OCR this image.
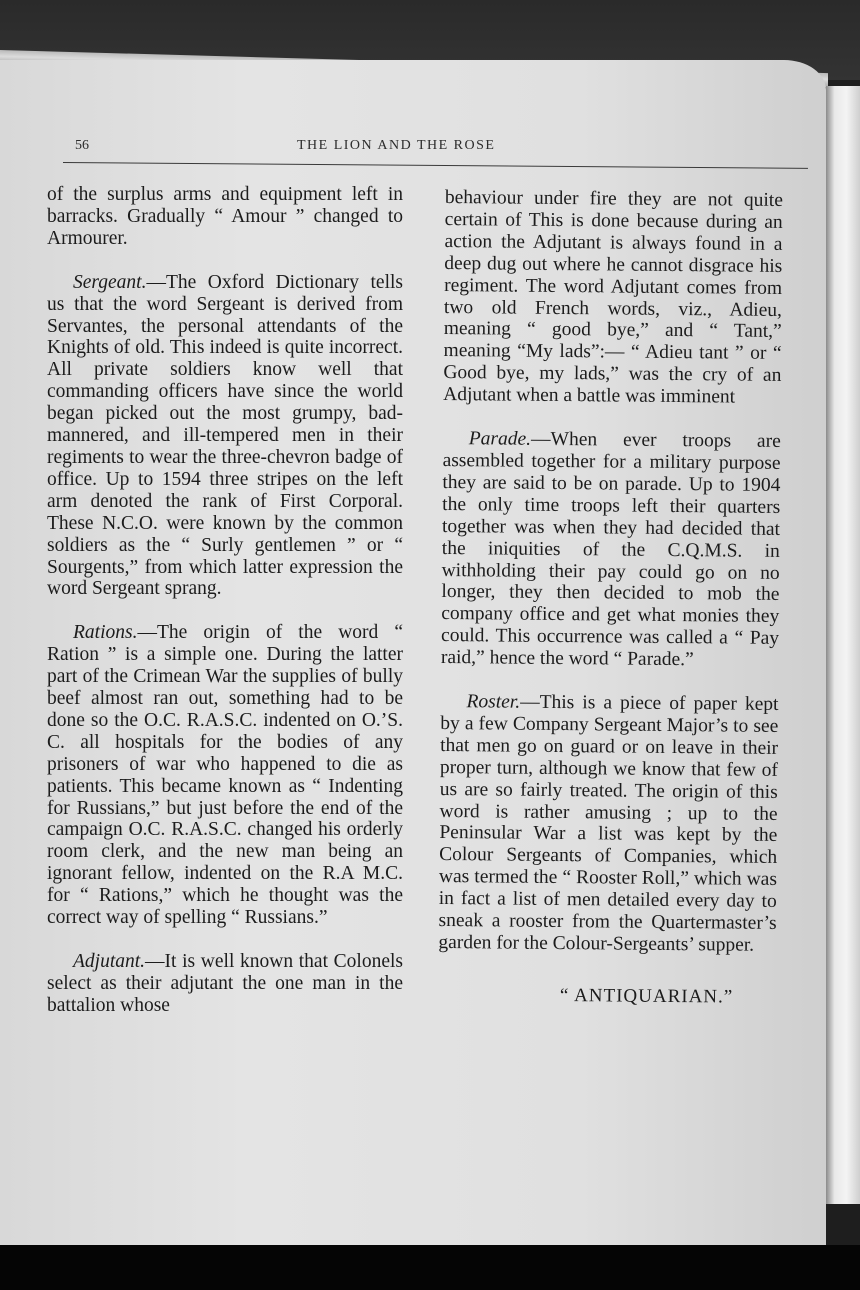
56	THE LION AND THE ROSE

of the surplus arms and equipment left in barracks. Gradually “ Amour ” changed to Armourer.

Sergeant.—The Oxford Dictionary tells us that the word Sergeant is derived from Servantes, the personal attendants of the Knights of old. This indeed is quite incorrect. All private soldiers know well that commanding officers have since the world began picked out the most grumpy, bad-mannered, and ill-tempered men in their regiments to wear the three-chevron badge of office. Up to 1594 three stripes on the left arm denoted the rank of First Corporal. These N.C.O. were known by the common soldiers as the “ Surly gentlemen ” or “ Sourgents,” from which latter expression the word Sergeant sprang.

Rations.—The origin of the word “ Ration ” is a simple one. During the latter part of the Crimean War the supplies of bully beef almost ran out, something had to be done so the O.C. R.A.S.C. indented on O.’S. C. all hospitals for the bodies of any prisoners of war who happened to die as patients. This became known as “ Indenting for Russians,” but just before the end of the campaign O.C. R.A.S.C. changed his orderly room clerk, and the new man being an ignorant fellow, indented on the R.A M.C. for “ Rations,” which he thought was the correct way of spelling “ Russians.”

Adjutant.—It is well known that Colonels select as their adjutant the one man in the battalion whose

behaviour under fire they are not quite certain of This is done because during an action the Adjutant is always found in a deep dug out where he cannot disgrace his regiment. The word Adjutant comes from two old French words, viz., Adieu, meaning “ good bye,” and “ Tant,” meaning “My lads”:— “ Adieu tant ” or “ Good bye, my lads,” was the cry of an Adjutant when a battle was imminent

Parade.—When ever troops are assembled together for a military purpose they are said to be on parade. Up to 1904 the only time troops left their quarters together was when they had decided that the iniquities of the C.Q.M.S. in withholding their pay could go on no longer, they then decided to mob the company office and get what monies they could. This occurrence was called a “ Pay raid,” hence the word “ Parade.”

Roster.—This is a piece of paper kept by a few Company Sergeant Major’s to see that men go on guard or on leave in their proper turn, although we know that few of us are so fairly treated. The origin of this word is rather amusing ; up to the Peninsular War a list was kept by the Colour Sergeants of Companies, which was termed the “ Rooster Roll,” which was in fact a list of men detailed every day to sneak a rooster from the Quartermaster’s garden for the Colour-Sergeants’ supper.

“ ANTIQUARIAN.”
